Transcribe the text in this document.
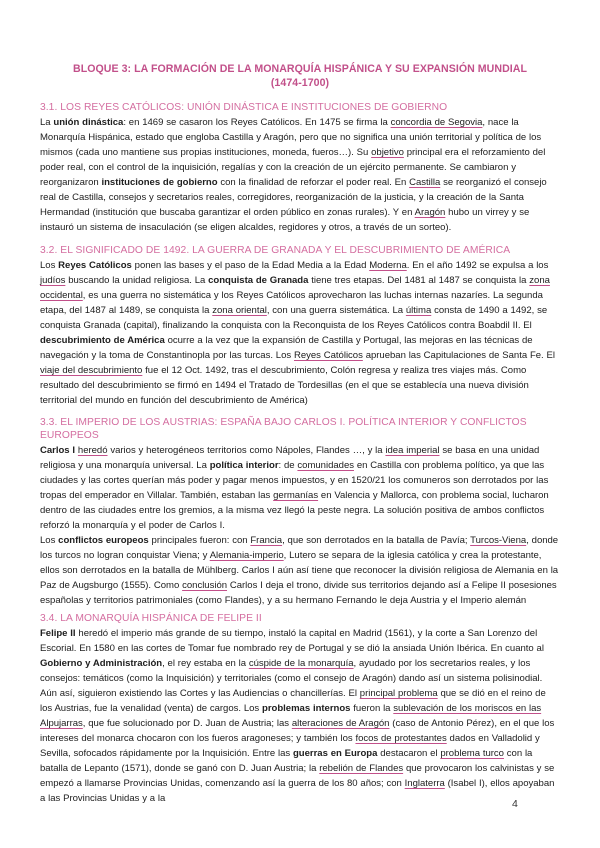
BLOQUE 3: LA FORMACIÓN DE LA MONARQUÍA HISPÁNICA Y SU EXPANSIÓN MUNDIAL
(1474-1700)
3.1. LOS REYES CATÓLICOS: UNIÓN DINÁSTICA E INSTITUCIONES DE GOBIERNO

La unión dinástica: en 1469 se casaron los Reyes Católicos. En 1475 se firma la concordia de Segovia, nace la Monarquía Hispánica, estado que engloba Castilla y Aragón, pero que no significa una unión territorial y política de los mismos (cada uno mantiene sus propias instituciones, moneda, fueros…). Su objetivo principal era el reforzamiento del poder real, con el control de la inquisición, regalías y con la creación de un ejército permanente. Se cambiaron y reorganizaron instituciones de gobierno con la finalidad de reforzar el poder real. En Castilla se reorganizó el consejo real de Castilla, consejos y secretarios reales, corregidores, reorganización de la justicia, y la creación de la Santa Hermandad (institución que buscaba garantizar el orden público en zonas rurales). Y en Aragón hubo un virrey y se instauró un sistema de insaculación (se eligen alcaldes, regidores y otros, a través de un sorteo).

3.2. EL SIGNIFICADO DE 1492. LA GUERRA DE GRANADA Y EL DESCUBRIMIENTO DE AMÉRICA

Los Reyes Católicos ponen las bases y el paso de la Edad Media a la Edad Moderna. En el año 1492 se expulsa a los judíos buscando la unidad religiosa. La conquista de Granada tiene tres etapas. Del 1481 al 1487 se conquista la zona occidental, es una guerra no sistemática y los Reyes Católicos aprovecharon las luchas internas nazaríes. La segunda etapa, del 1487 al 1489, se conquista la zona oriental, con una guerra sistemática. La última consta de 1490 a 1492, se conquista Granada (capital), finalizando la conquista con la Reconquista de los Reyes Católicos contra Boabdil II. El descubrimiento de América ocurre a la vez que la expansión de Castilla y Portugal, las mejoras en las técnicas de navegación y la toma de Constantinopla por las turcas. Los Reyes Católicos aprueban las Capitulaciones de Santa Fe. El viaje del descubrimiento fue el 12 Oct. 1492, tras el descubrimiento, Colón regresa y realiza tres viajes más. Como resultado del descubrimiento se firmó en 1494 el Tratado de Tordesillas (en el que se establecía una nueva división territorial del mundo en función del descubrimiento de América)

3.3. EL IMPERIO DE LOS AUSTRIAS: ESPAÑA BAJO CARLOS I. POLÍTICA INTERIOR Y CONFLICTOS EUROPEOS

Carlos I heredó varios y heterogéneos territorios como Nápoles, Flandes …, y la idea imperial se basa en una unidad religiosa y una monarquía universal. La política interior: de comunidades en Castilla con problema político, ya que las ciudades y las cortes querían más poder y pagar menos impuestos, y en 1520/21 los comuneros son derrotados por las tropas del emperador en Villalar. También, estaban las germanías en Valencia y Mallorca, con problema social, lucharon dentro de las ciudades entre los gremios, a la misma vez llegó la peste negra. La solución positiva de ambos conflictos reforzó la monarquía y el poder de Carlos I.

Los conflictos europeos principales fueron: con Francia, que son derrotados en la batalla de Pavía; Turcos-Viena, donde los turcos no logran conquistar Viena; y Alemania-imperio, Lutero se separa de la iglesia católica y crea la protestante, ellos son derrotados en la batalla de Mühlberg. Carlos I aún así tiene que reconocer la división religiosa de Alemania en la Paz de Augsburgo (1555). Como conclusión Carlos I deja el trono, divide sus territorios dejando así a Felipe II posesiones españolas y territorios patrimoniales (como Flandes), y a su hermano Fernando le deja Austria y el Imperio alemán

3.4. LA MONARQUÍA HISPÁNICA DE FELIPE II

Felipe II heredó el imperio más grande de su tiempo, instaló la capital en Madrid (1561), y la corte a San Lorenzo del Escorial. En 1580 en las cortes de Tomar fue nombrado rey de Portugal y se dió la ansiada Unión Ibérica. En cuanto al Gobierno y Administración, el rey estaba en la cúspide de la monarquía, ayudado por los secretarios reales, y los consejos: temáticos (como la Inquisición) y territoriales (como el consejo de Aragón) dando así un sistema polisinodial. Aún así, siguieron existiendo las Cortes y las Audiencias o chancillerías. El principal problema que se dió en el reino de los Austrias, fue la venalidad (venta) de cargos. Los problemas internos fueron la sublevación de los moriscos en las Alpujarras, que fue solucionado por D. Juan de Austria; las alteraciones de Aragón (caso de Antonio Pérez), en el que los intereses del monarca chocaron con los fueros aragoneses; y también los focos de protestantes dados en Valladolid y Sevilla, sofocados rápidamente por la Inquisición. Entre las guerras en Europa destacaron el problema turco con la batalla de Lepanto (1571), donde se ganó con D. Juan Austria; la rebelión de Flandes que provocaron los calvinistas y se empezó a llamarse Provincias Unidas, comenzando así la guerra de los 80 años; con Inglaterra (Isabel I), ellos apoyaban a las Provincias Unidas y a la	4
